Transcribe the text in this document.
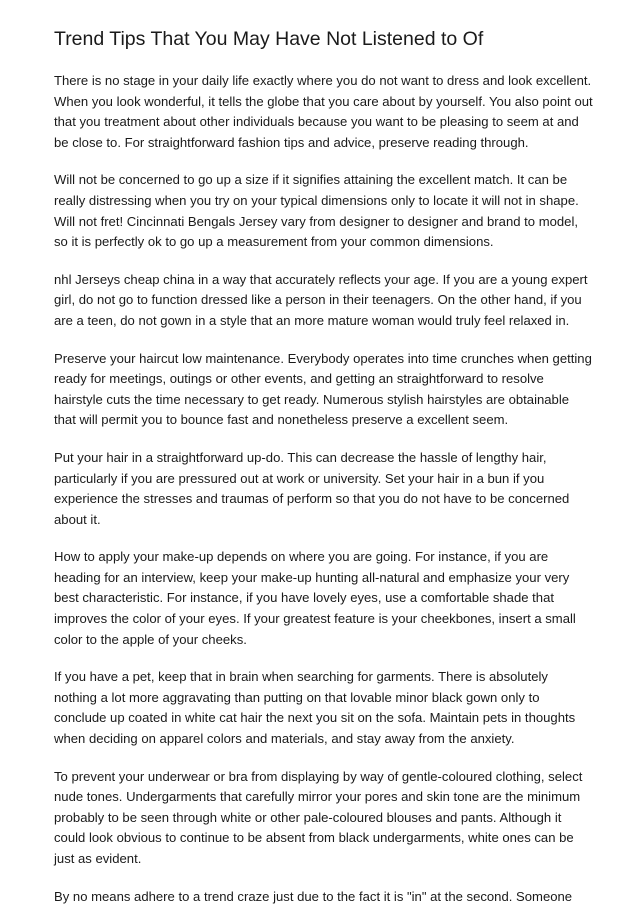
Trend Tips That You May Have Not Listened to Of

There is no stage in your daily life exactly where you do not want to dress and look excellent.
When you look wonderful, it tells the globe that you care about by yourself. You also point out
that you treatment about other individuals because you want to be pleasing to seem at and
be close to. For straightforward fashion tips and advice, preserve reading through.

Will not be concerned to go up a size if it signifies attaining the excellent match. It can be
really distressing when you try on your typical dimensions only to locate it will not in shape.
Will not fret! Cincinnati Bengals Jersey vary from designer to designer and brand to model,
so it is perfectly ok to go up a measurement from your common dimensions.

nhl Jerseys cheap china in a way that accurately reflects your age. If you are a young expert
girl, do not go to function dressed like a person in their teenagers. On the other hand, if you
are a teen, do not gown in a style that an more mature woman would truly feel relaxed in.

Preserve your haircut low maintenance. Everybody operates into time crunches when getting
ready for meetings, outings or other events, and getting an straightforward to resolve
hairstyle cuts the time necessary to get ready. Numerous stylish hairstyles are obtainable
that will permit you to bounce fast and nonetheless preserve a excellent seem.

Put your hair in a straightforward up-do. This can decrease the hassle of lengthy hair,
particularly if you are pressured out at work or university. Set your hair in a bun if you
experience the stresses and traumas of perform so that you do not have to be concerned
about it.

How to apply your make-up depends on where you are going. For instance, if you are
heading for an interview, keep your make-up hunting all-natural and emphasize your very
best characteristic. For instance, if you have lovely eyes, use a comfortable shade that
improves the color of your eyes. If your greatest feature is your cheekbones, insert a small
color to the apple of your cheeks.

If you have a pet, keep that in brain when searching for garments. There is absolutely
nothing a lot more aggravating than putting on that lovable minor black gown only to
conclude up coated in white cat hair the next you sit on the sofa. Maintain pets in thoughts
when deciding on apparel colors and materials, and stay away from the anxiety.

To prevent your underwear or bra from displaying by way of gentle-coloured clothing, select
nude tones. Undergarments that carefully mirror your pores and skin tone are the minimum
probably to be seen through white or other pale-coloured blouses and pants. Although it
could look obvious to continue to be absent from black undergarments, white ones can be
just as evident.

By no means adhere to a trend craze just due to the fact it is "in" at the second. Someone
